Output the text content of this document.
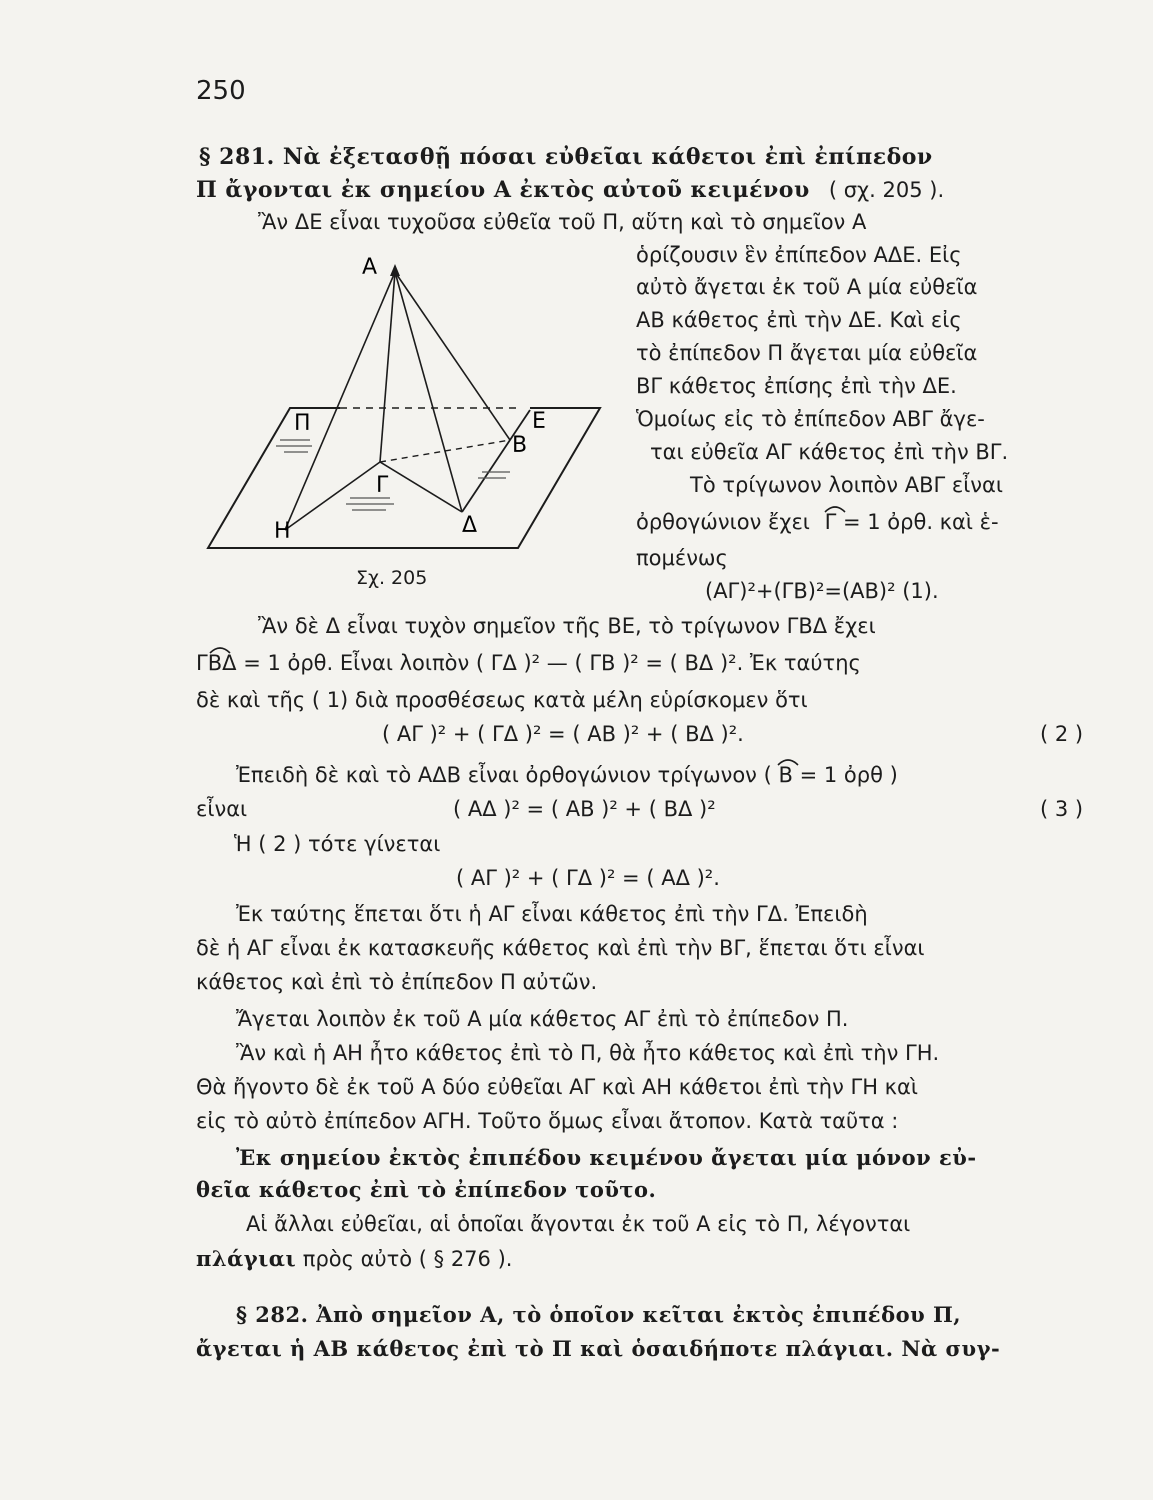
250
§ 281. Νὰ ἐξετασθῇ πόσαι εὐθεῖαι κάθετοι ἐπὶ ἐπίπεδον
Π ἄγονται ἐκ σημείου Α ἐκτὸς αὐτοῦ κειμένου ( σχ. 205 ).
Ἂν ΔΕ εἶναι τυχοῦσα εὐθεῖα τοῦ Π, αὕτη καὶ τὸ σημεῖον Α
ὁρίζουσιν ἓν ἐπίπεδον ΑΔΕ. Εἰς
αὐτὸ ἄγεται ἐκ τοῦ Α μία εὐθεῖα
ΑΒ κάθετος ἐπὶ τὴν ΔΕ. Καὶ εἰς
τὸ ἐπίπεδον Π ἄγεται μία εὐθεῖα
ΒΓ κάθετος ἐπίσης ἐπὶ τὴν ΔΕ.
Ὁμοίως εἰς τὸ ἐπίπεδον ΑΒΓ ἄγε-
ται εὐθεῖα ΑΓ κάθετος ἐπὶ τὴν ΒΓ.
Τὸ τρίγωνον λοιπὸν ΑΒΓ εἶναι
ὀρθογώνιον ἔχει Γ = 1 ὀρθ. καὶ ἑ-
πομένως
(ΑΓ)²+(ΓΒ)²=(ΑΒ)² (1).
Α
Π	Ε
Β
Γ
Η	Δ
Σχ. 205
Ἂν δὲ Δ εἶναι τυχὸν σημεῖον τῆς ΒΕ, τὸ τρίγωνον ΓΒΔ ἔχει
ΓΒΔ = 1 ὀρθ. Εἶναι λοιπὸν ( ΓΔ )² — ( ΓΒ )² = ( ΒΔ )². Ἐκ ταύτης
δὲ καὶ τῆς ( 1) διὰ προσθέσεως κατὰ μέλη εὑρίσκομεν ὅτι
( ΑΓ )² + ( ΓΔ )² = ( ΑΒ )² + ( ΒΔ )².	( 2 )
Ἐπειδὴ δὲ καὶ τὸ ΑΔΒ εἶναι ὀρθογώνιον τρίγωνον ( Β = 1 ὀρθ )
εἶναι	( ΑΔ )² = ( ΑΒ )² + ( ΒΔ )²	( 3 )
Ἡ ( 2 ) τότε γίνεται
( ΑΓ )² + ( ΓΔ )² = ( ΑΔ )².
Ἐκ ταύτης ἕπεται ὅτι ἡ ΑΓ εἶναι κάθετος ἐπὶ τὴν ΓΔ. Ἐπειδὴ
δὲ ἡ ΑΓ εἶναι ἐκ κατασκευῆς κάθετος καὶ ἐπὶ τὴν ΒΓ, ἕπεται ὅτι εἶναι
κάθετος καὶ ἐπὶ τὸ ἐπίπεδον Π αὐτῶν.
Ἄγεται λοιπὸν ἐκ τοῦ Α μία κάθετος ΑΓ ἐπὶ τὸ ἐπίπεδον Π.
Ἂν καὶ ἡ ΑΗ ἦτο κάθετος ἐπὶ τὸ Π, θὰ ἦτο κάθετος καὶ ἐπὶ τὴν ΓΗ.
Θὰ ἤγοντο δὲ ἐκ τοῦ Α δύο εὐθεῖαι ΑΓ καὶ ΑΗ κάθετοι ἐπὶ τὴν ΓΗ καὶ
εἰς τὸ αὐτὸ ἐπίπεδον ΑΓΗ. Τοῦτο ὅμως εἶναι ἄτοπον. Κατὰ ταῦτα :
Ἐκ σημείου ἐκτὸς ἐπιπέδου κειμένου ἄγεται μία μόνον εὐ-
θεῖα κάθετος ἐπὶ τὸ ἐπίπεδον τοῦτο.
Αἱ ἄλλαι εὐθεῖαι, αἱ ὁποῖαι ἄγονται ἐκ τοῦ Α εἰς τὸ Π, λέγονται
πλάγιαι πρὸς αὐτὸ ( § 276 ).
§ 282. Ἀπὸ σημεῖον Α, τὸ ὁποῖον κεῖται ἐκτὸς ἐπιπέδου Π,
ἄγεται ἡ ΑΒ κάθετος ἐπὶ τὸ Π καὶ ὁσαιδήποτε πλάγιαι. Νὰ συγ-
